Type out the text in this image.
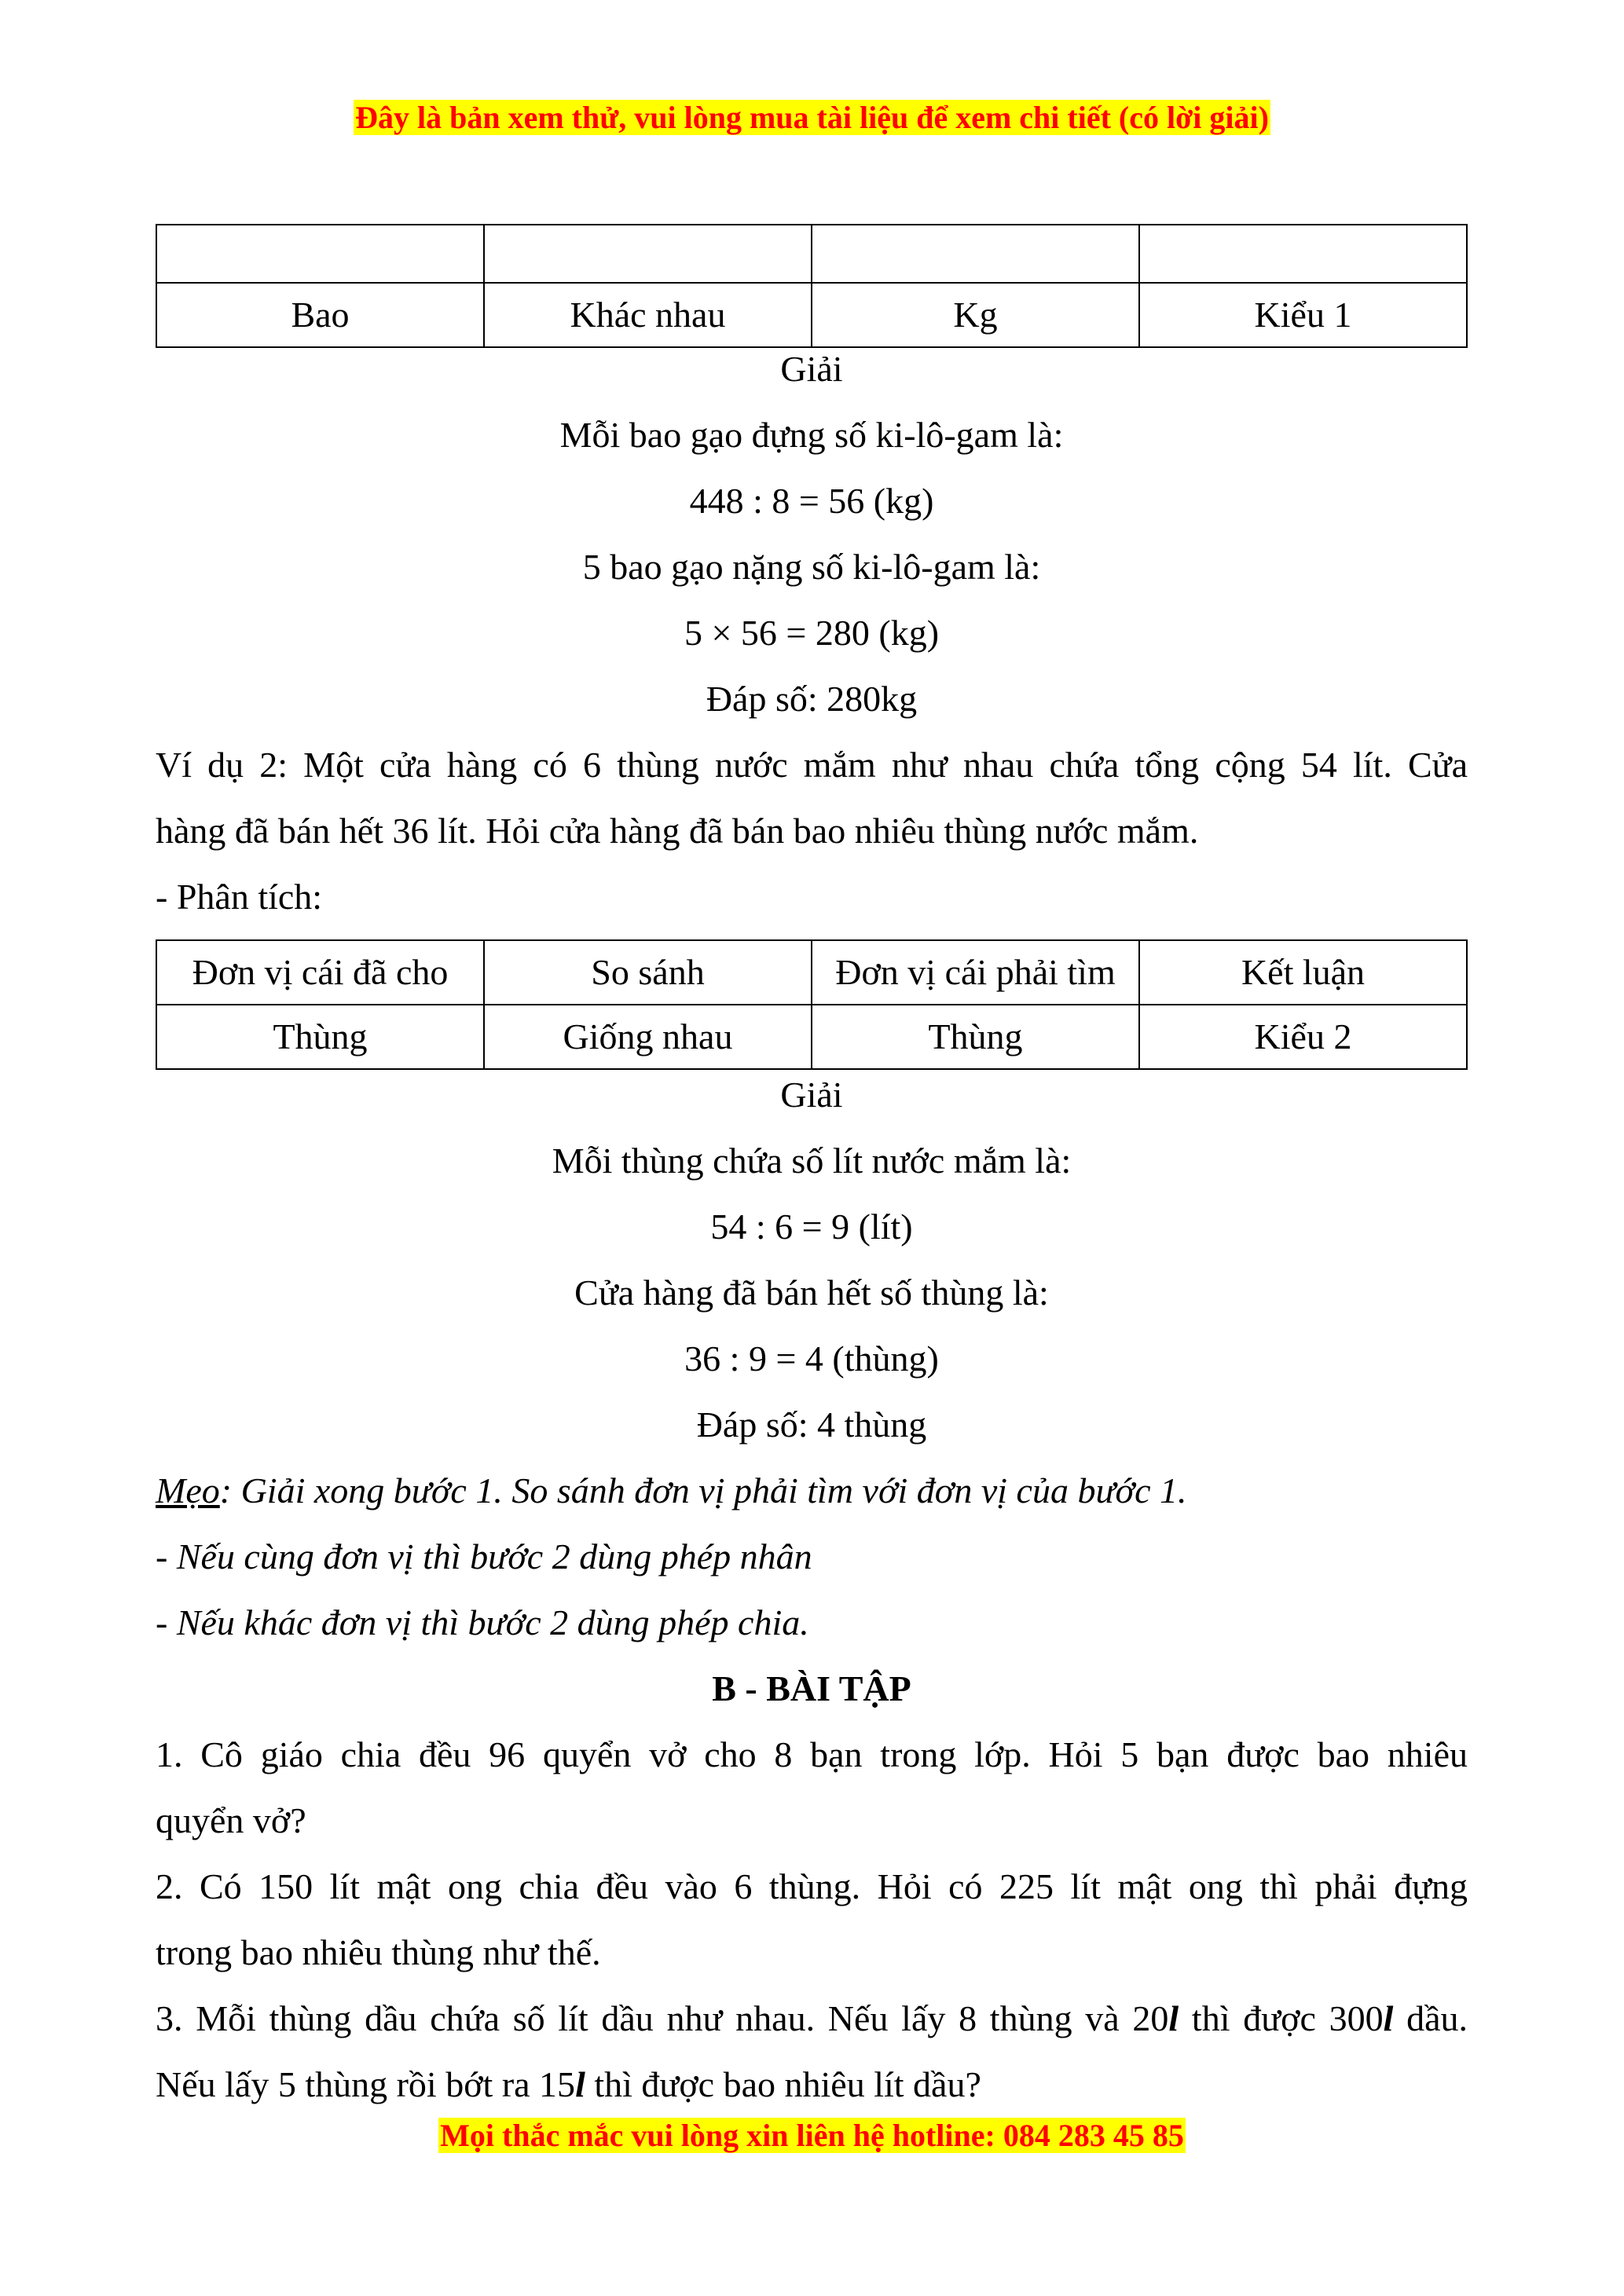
Đây là bản xem thử, vui lòng mua tài liệu để xem chi tiết (có lời giải)

Bao	Khác nhau	Kg	Kiểu 1
Giải
Mỗi bao gạo đựng số ki-lô-gam là:
448 : 8 = 56 (kg)
5 bao gạo nặng số ki-lô-gam là:
5 × 56 = 280 (kg)
Đáp số: 280kg
Ví dụ 2: Một cửa hàng có 6 thùng nước mắm như nhau chứa tổng cộng 54 lít. Cửa
hàng đã bán hết 36 lít. Hỏi cửa hàng đã bán bao nhiêu thùng nước mắm.
- Phân tích:
Đơn vị cái đã cho	So sánh	Đơn vị cái phải tìm	Kết luận
Thùng	Giống nhau	Thùng	Kiểu 2
Giải
Mỗi thùng chứa số lít nước mắm là:
54 : 6 = 9 (lít)
Cửa hàng đã bán hết số thùng là:
36 : 9 = 4 (thùng)
Đáp số: 4 thùng
Mẹo: Giải xong bước 1. So sánh đơn vị phải tìm với đơn vị của bước 1.
- Nếu cùng đơn vị thì bước 2 dùng phép nhân
- Nếu khác đơn vị thì bước 2 dùng phép chia.
B - BÀI TẬP
1. Cô giáo chia đều 96 quyển vở cho 8 bạn trong lớp. Hỏi 5 bạn được bao nhiêu
quyển vở?
2. Có 150 lít mật ong chia đều vào 6 thùng. Hỏi có 225 lít mật ong thì phải đựng
trong bao nhiêu thùng như thế.
3. Mỗi thùng dầu chứa số lít dầu như nhau. Nếu lấy 8 thùng và 20l thì được 300l dầu.
Nếu lấy 5 thùng rồi bớt ra 15l thì được bao nhiêu lít dầu?
Mọi thắc mắc vui lòng xin liên hệ hotline: 084 283 45 85
